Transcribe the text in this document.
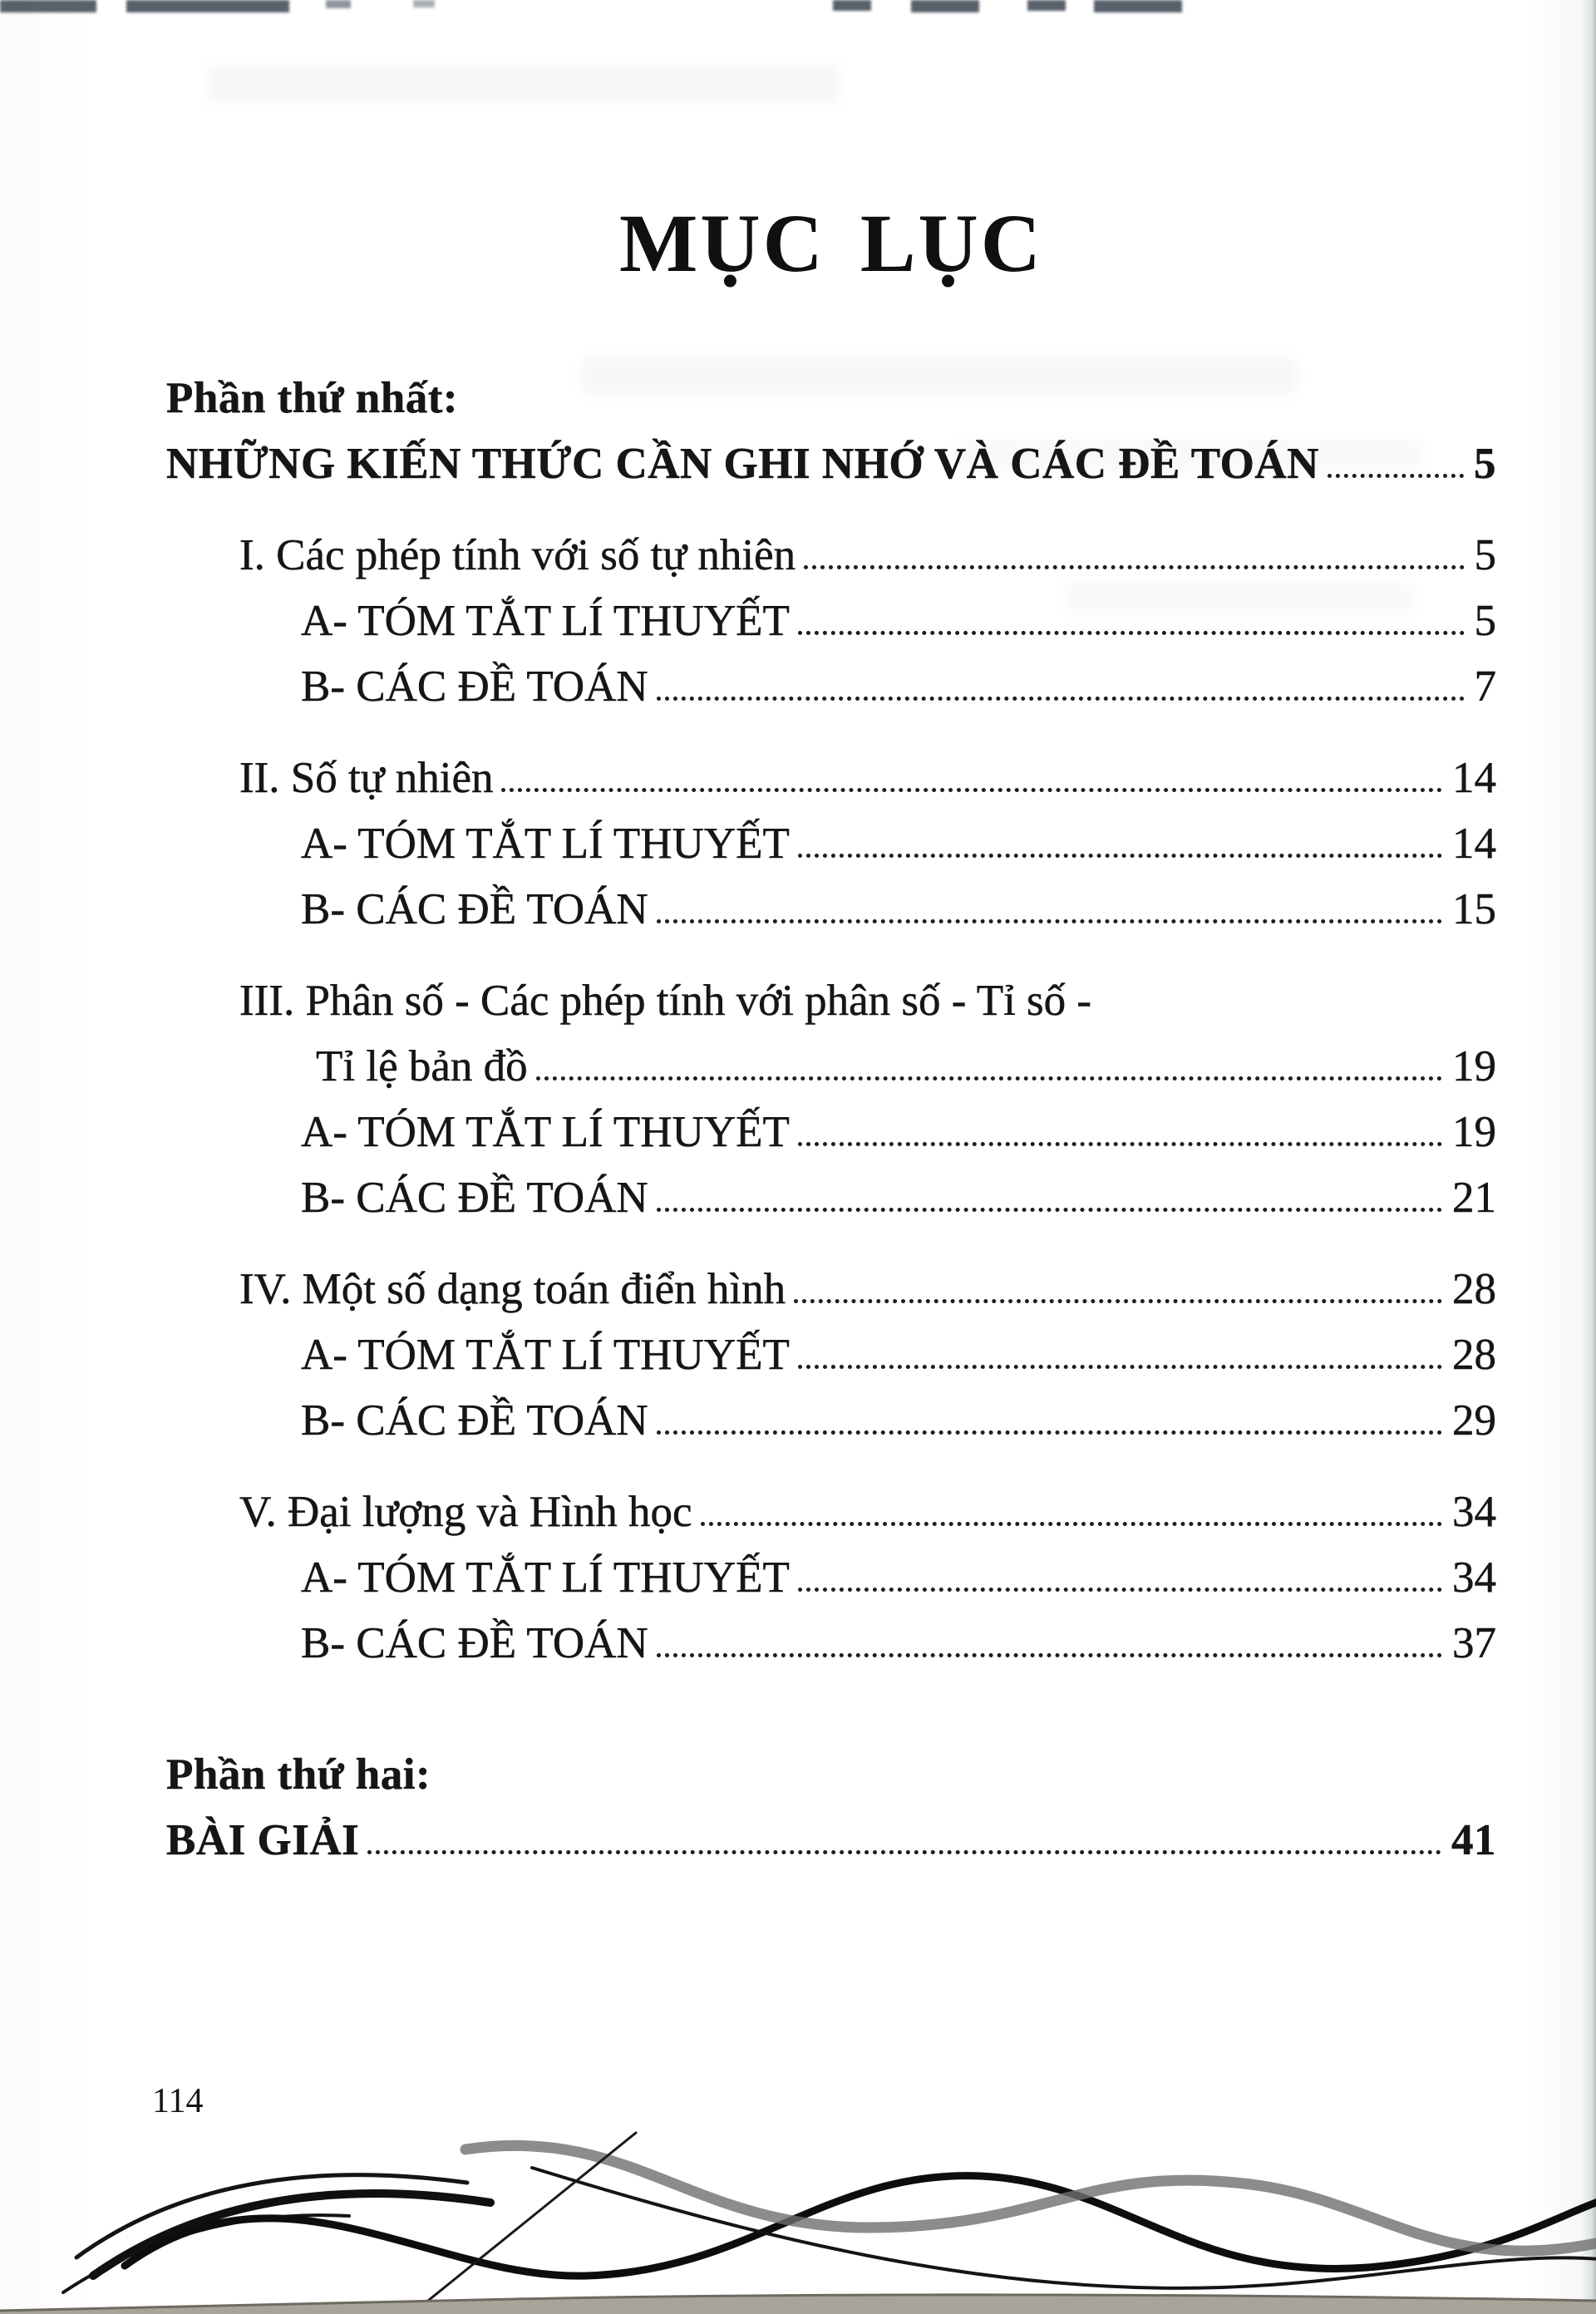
MỤC LỤC
Phần thứ nhất:
NHỮNG KIẾN THỨC CẦN GHI NHỚ VÀ CÁC ĐỀ TOÁN	5
I. Các phép tính với số tự nhiên	5
A- TÓM TẮT LÍ THUYẾT	5
B- CÁC ĐỀ TOÁN	7
II. Số tự nhiên	14
A- TÓM TẮT LÍ THUYẾT	14
B- CÁC ĐỀ TOÁN	15
III. Phân số - Các phép tính với phân số - Tỉ số -
Tỉ lệ bản đồ	19
A- TÓM TẮT LÍ THUYẾT	19
B- CÁC ĐỀ TOÁN	21
IV. Một số dạng toán điển hình	28
A- TÓM TẮT LÍ THUYẾT	28
B- CÁC ĐỀ TOÁN	29
V. Đại lượng và Hình học	34
A- TÓM TẮT LÍ THUYẾT	34
B- CÁC ĐỀ TOÁN	37
Phần thứ hai:
BÀI GIẢI	41
114
